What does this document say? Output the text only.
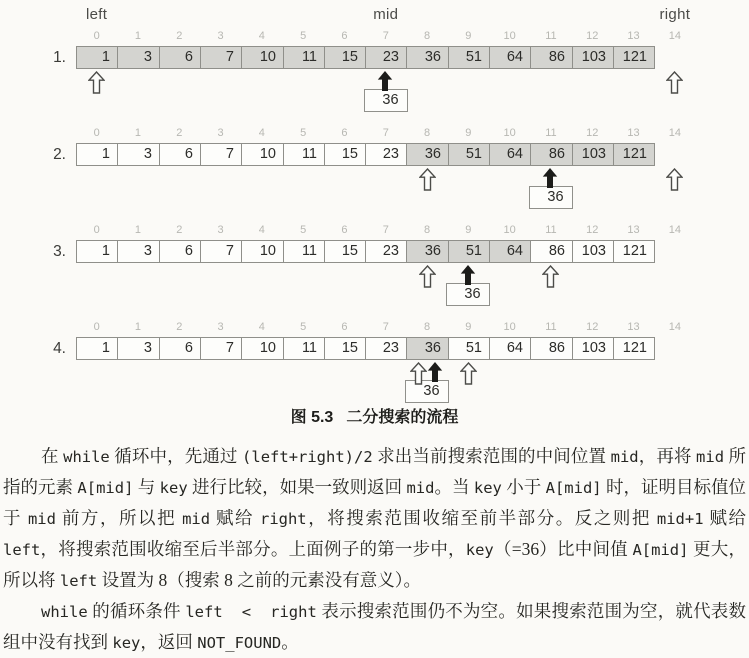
left	mid	right
1.
0	1	2	3	4	5	6	7	8	9	10	11	12	13	14
1	3	6	7	10	11	15	23	36	51	64	86	103	121
36
2.
0	1	2	3	4	5	6	7	8	9	10	11	12	13	14
1	3	6	7	10	11	15	23	36	51	64	86	103	121
36
3.
0	1	2	3	4	5	6	7	8	9	10	11	12	13	14
1	3	6	7	10	11	15	23	36	51	64	86	103	121
36
4.
0	1	2	3	4	5	6	7	8	9	10	11	12	13	14
1	3	6	7	10	11	15	23	36	51	64	86	103	121
36
图 5.3 二分搜索的流程

在 while 循环中，先通过 (left+right)/2 求出当前搜索范围的中间位置 mid，再将 mid 所指的元素 A[mid] 与 key 进行比较，如果一致则返回 mid。当 key 小于 A[mid] 时，证明目标值位于 mid 前方，所以把 mid 赋给 right，将搜索范围收缩至前半部分。反之则把 mid+1 赋给 left，将搜索范围收缩至后半部分。上面例子的第一步中，key（=36）比中间值 A[mid] 更大，所以将 left 设置为 8（搜索 8 之前的元素没有意义）。

while 的循环条件 left  <  right 表示搜索范围仍不为空。如果搜索范围为空，就代表数组中没有找到 key，返回 NOT_FOUND。
